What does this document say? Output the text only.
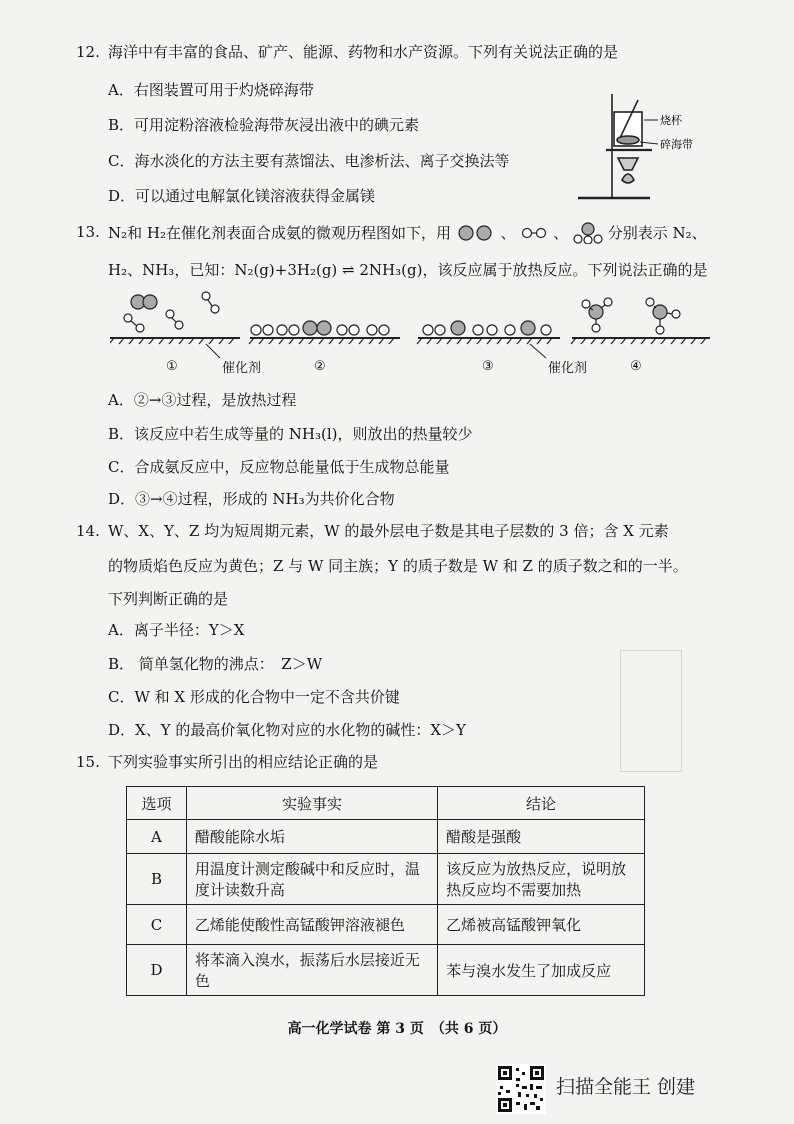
12. 海洋中有丰富的食品、矿产、能源、药物和水产资源。下列有关说法正确的是
A．右图装置可用于灼烧碎海带
B．可用淀粉溶液检验海带灰浸出液中的碘元素
C．海水淡化的方法主要有蒸馏法、电渗析法、离子交换法等
D．可以通过电解氯化镁溶液获得金属镁
烧杯
碎海带
13. N₂和 H₂在催化剂表面合成氨的微观历程图如下，用	、	、	分别表示 N₂、
H₂、NH₃，已知：N₂(g)+3H₂(g) ⇌ 2NH₃(g)，该反应属于放热反应。下列说法正确的是
①	②	③	④
催化剂	催化剂
A．②→③过程，是放热过程
B．该反应中若生成等量的 NH₃(l)，则放出的热量较少
C．合成氨反应中，反应物总能量低于生成物总能量
D．③→④过程，形成的 NH₃为共价化合物
14. W、X、Y、Z 均为短周期元素，W 的最外层电子数是其电子层数的 3 倍；含 X 元素
的物质焰色反应为黄色；Z 与 W 同主族；Y 的质子数是 W 和 Z 的质子数之和的一半。
下列判断正确的是
A．离子半径：Y＞X
B． 简单氢化物的沸点：　Z＞W
C．W 和 X 形成的化合物中一定不含共价键
D．X、Y 的最高价氧化物对应的水化物的碱性：X＞Y
15. 下列实验事实所引出的相应结论正确的是
选项	实验事实	结论
A	醋酸能除水垢	醋酸是强酸
B	用温度计测定酸碱中和反应时，温度计读数升高	该反应为放热反应，说明放热反应均不需要加热
C	乙烯能使酸性高锰酸钾溶液褪色	乙烯被高锰酸钾氧化
D	将苯滴入溴水，振荡后水层接近无色	苯与溴水发生了加成反应
高一化学试卷 第 3 页　（共 6 页）
扫描全能王 创建
